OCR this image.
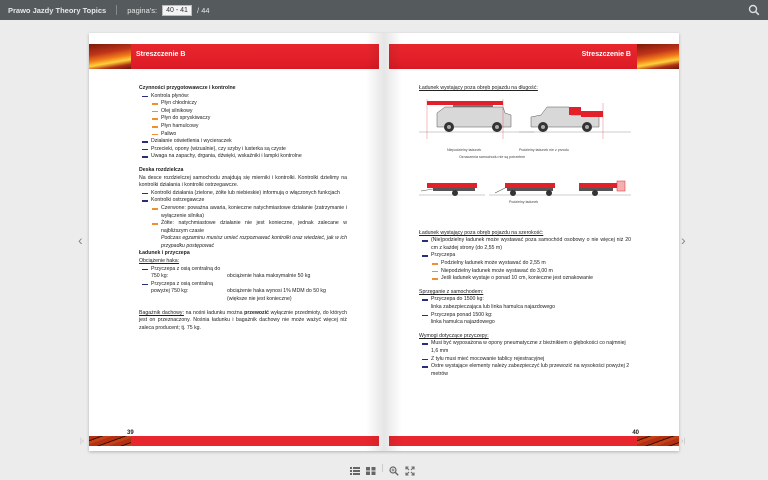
Prawo Jazdy Theory Topics	pagina's:	40 - 41	/ 44
‹	›
|‹	›|
Streszczenie B
Czynności przygotowawcze i kontrolne
Kontrola płynów:
Płyn chłodniczy
Olej silnikowy
Płyn do spryskiwaczy
Płyn hamulcowy
Paliwo
Działanie oświetlenia i wycieraczek
Przecieki, opony (wizualnie), czy szyby i lusterka są czyste
Uwaga na zapachy, drgania, dźwięki, wskaźniki i lampki kontrolne
Deska rozdzielcza
Na desce rozdzielczej samochodu znajdują się mierniki i kontrolki. Kontrolki dzielimy na kontrolki działania i kontrolki ostrzegawcze.
Kontrolki działania (zielone, żółte lub niebieskie) informują o włączonych funkcjach
Kontrolki ostrzegawcze
Czerwone: poważna awaria, konieczne natychmiastowe działanie (zatrzymanie i wyłączenie silnika)
Żółte: natychmiastowe działanie nie jest konieczne, jednak zalecane w najbliższym czasie
Podczas egzaminu musisz umieć rozpoznawać kontrolki oraz wiedzieć, jak w ich przypadku postępować
Ładunek i przyczepa
Obciążenie haka:
Przyczepa z osią centralną do 750 kg:	obciążenie haka maksymalnie 50 kg
Przyczepa z osią centralną powyżej 750 kg:	obciążenie haka wynosi 1% MDM do 50 kg (większe nie jest konieczne)
Bagażnik dachowy: na nośni ładunku można przewozić wyłącznie przedmioty, do których jest on przeznaczony. Nośnia ładunku i bagażnik dachowy nie może ważyć więcej niż zaleca producent; tj. 75 kg.
39
Streszczenie B
Ładunek wystający poza obręb pojazdu na długość:
Niepodzielny ładunek	Podzielny ładunek nie z przodu
Oznaczenia samochodu nie są potrzebne
Podzielny ładunek
Ładunek wystający poza obręb pojazdu na szerokość:
(Nie)podzielny ładunek może wystawać poza samochód osobowy o nie więcej niż 20 cm z każdej strony (do 2,55 m)
Przyczepa
Podzielny ładunek może wystawać do 2,55 m
Niepodzielny ładunek może wystawać do 3,00 m
Jeśli ładunek wystaje o ponad 10 cm, konieczne jest oznakowanie
Sprzęganie z samochodem:
Przyczepa do 1500 kg:
linka zabezpieczająca lub linka hamulca najazdowego
Przyczepa ponad 1500 kg:
linka hamulca najazdowego
Wymogi dotyczące przyczepy:
Musi być wyposażona w opony pneumatyczne z bieżnikiem o głębokości co najmniej 1,6 mm
Z tyłu musi mieć mocowanie tablicy rejestracyjnej
Ostre wystające elementy należy zabezpieczyć lub przewozić na wysokości powyżej 2 metrów
40
